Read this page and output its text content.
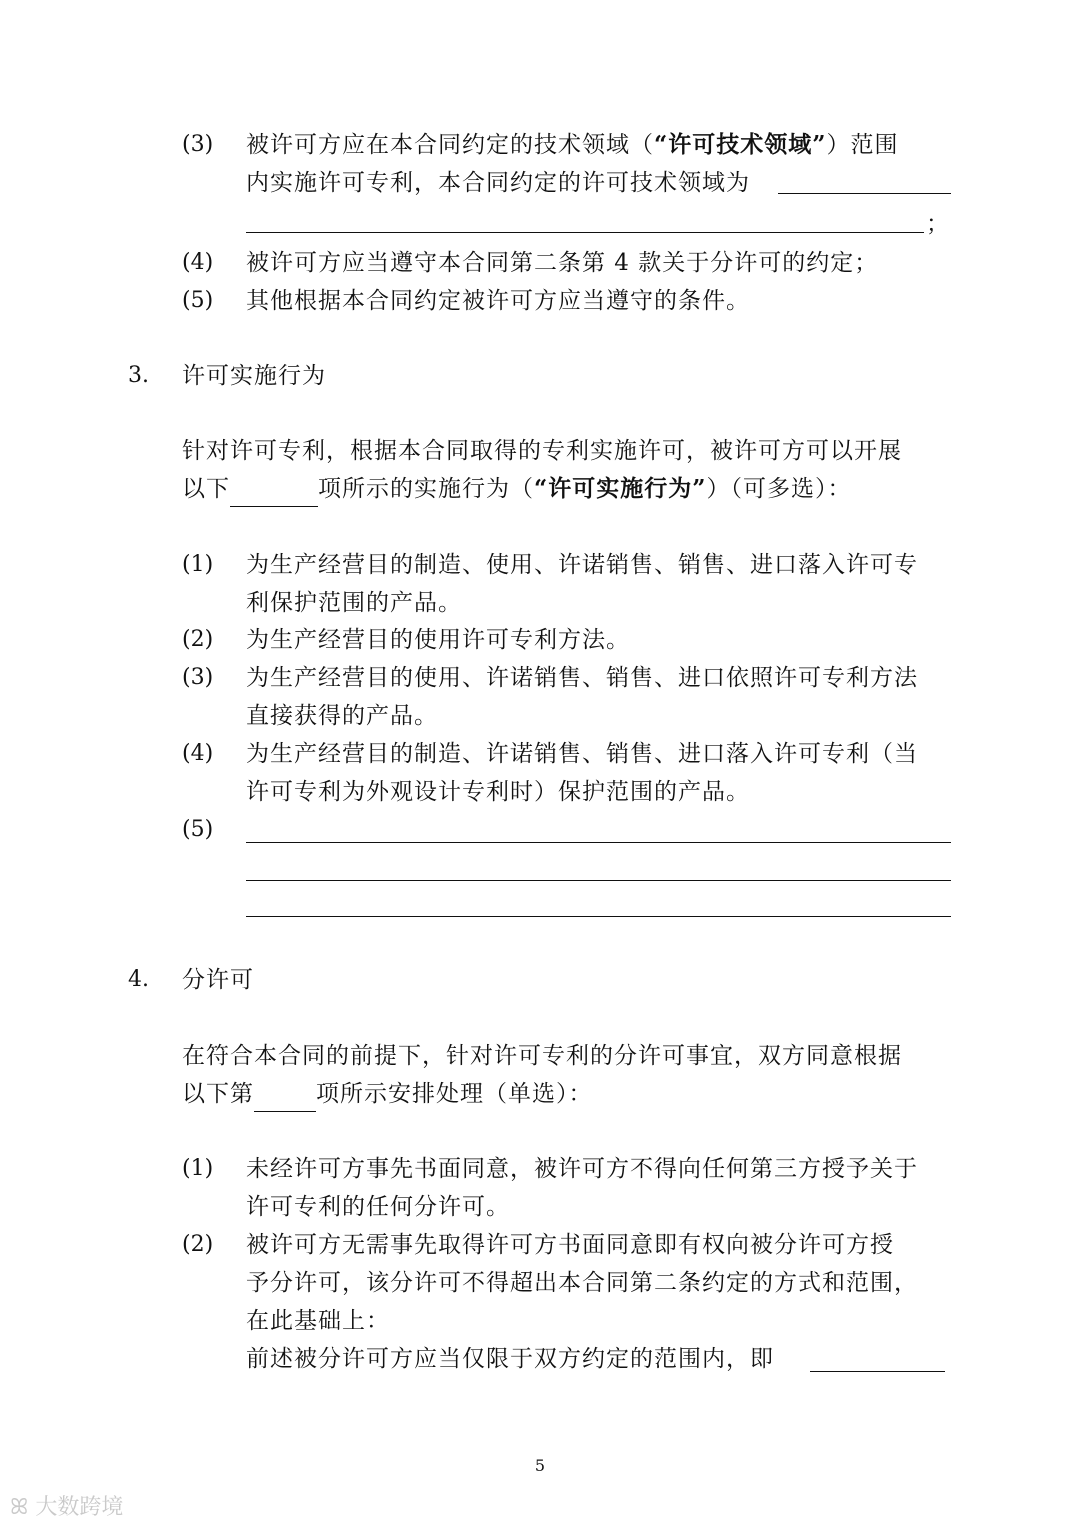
(3) 被许可方应在本合同约定的技术领域（“许可技术领域”）范围
内实施许可专利，本合同约定的许可技术领域为
；
(4) 被许可方应当遵守本合同第二条第 4 款关于分许可的约定；
(5) 其他根据本合同约定被许可方应当遵守的条件。
3. 许可实施行为
针对许可专利，根据本合同取得的专利实施许可，被许可方可以开展
以下	项所示的实施行为（“许可实施行为”）（可多选）：
(1) 为生产经营目的制造、使用、许诺销售、销售、进口落入许可专
利保护范围的产品。
(2) 为生产经营目的使用许可专利方法。
(3) 为生产经营目的使用、许诺销售、销售、进口依照许可专利方法
直接获得的产品。
(4) 为生产经营目的制造、许诺销售、销售、进口落入许可专利（当
许可专利为外观设计专利时）保护范围的产品。
(5)
4. 分许可
在符合本合同的前提下，针对许可专利的分许可事宜，双方同意根据
以下第	项所示安排处理（单选）：
(1) 未经许可方事先书面同意，被许可方不得向任何第三方授予关于
许可专利的任何分许可。
(2) 被许可方无需事先取得许可方书面同意即有权向被分许可方授
予分许可，该分许可不得超出本合同第二条约定的方式和范围，
在此基础上：
前述被分许可方应当仅限于双方约定的范围内，即
5
ꕤ 大数跨境
